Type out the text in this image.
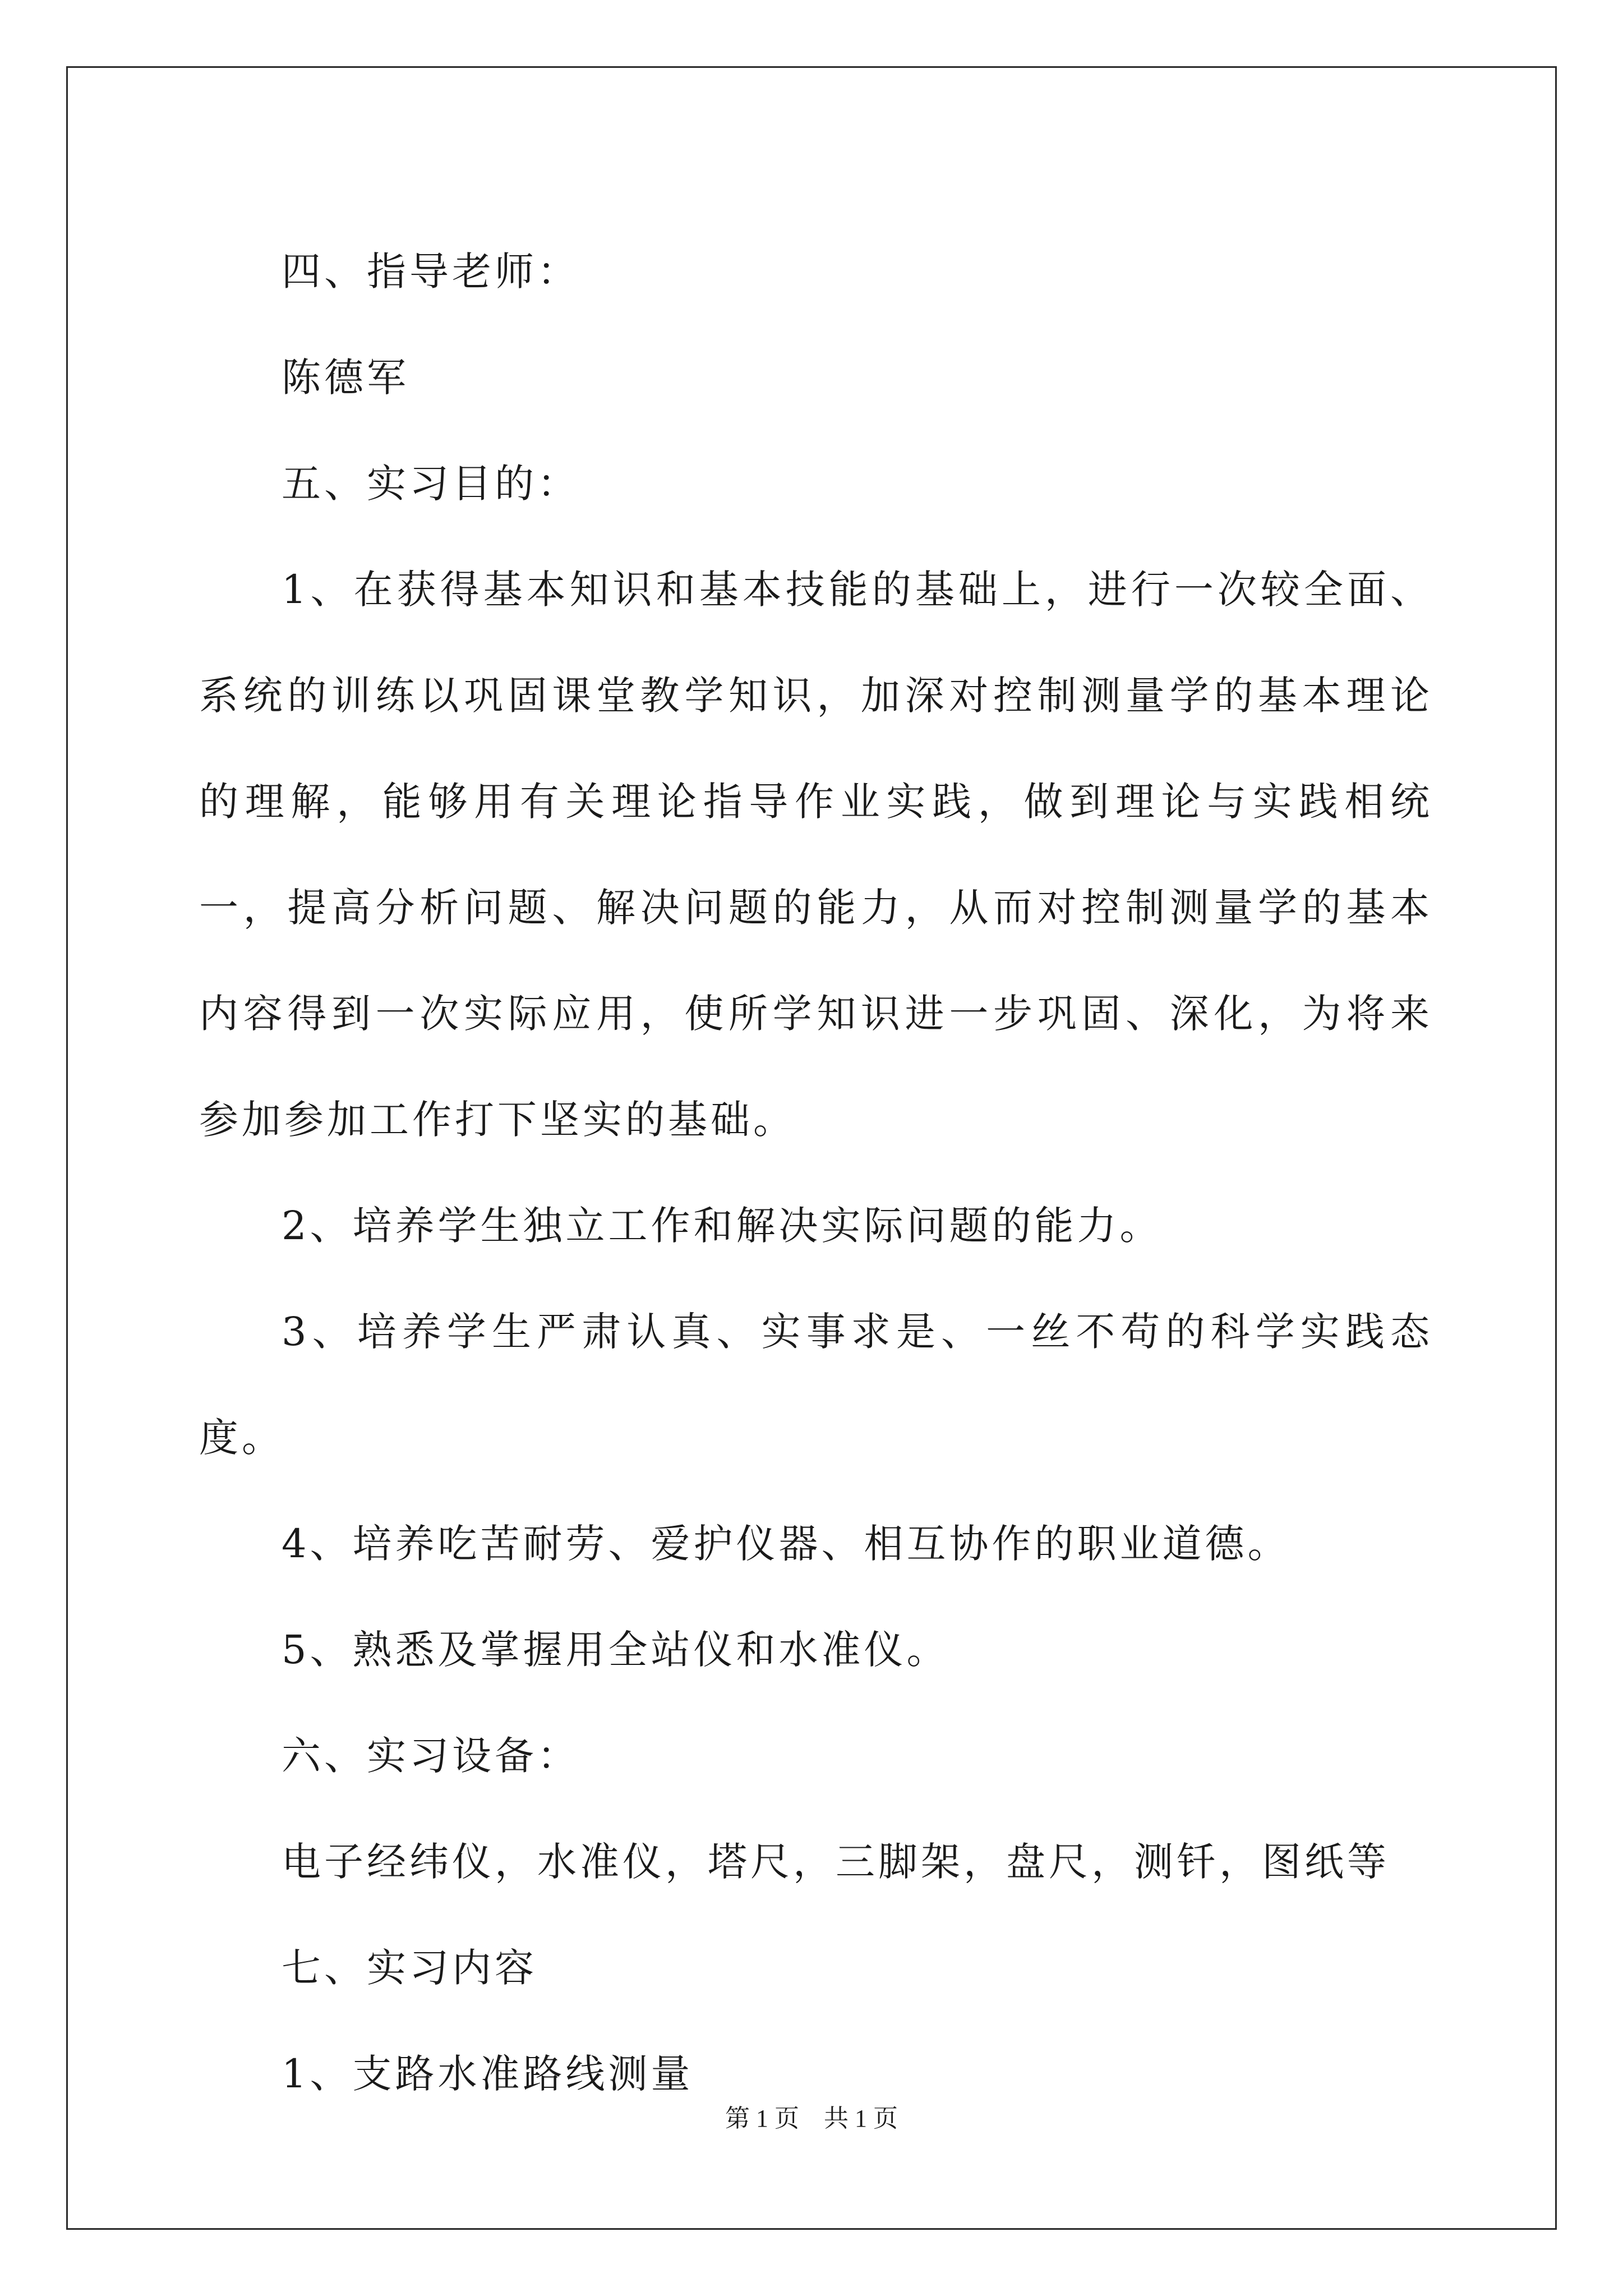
四、指导老师：

陈德军

五、实习目的：

1、在获得基本知识和基本技能的基础上，进行一次较全面、系统的训练以巩固课堂教学知识，加深对控制测量学的基本理论的理解，能够用有关理论指导作业实践，做到理论与实践相统一，提高分析问题、解决问题的能力，从而对控制测量学的基本内容得到一次实际应用，使所学知识进一步巩固、深化，为将来参加参加工作打下坚实的基础。

2、培养学生独立工作和解决实际问题的能力。

3、培养学生严肃认真、实事求是、一丝不苟的科学实践态度。

4、培养吃苦耐劳、爱护仪器、相互协作的职业道德。

5、熟悉及掌握用全站仪和水准仪。

六、实习设备：

电子经纬仪，水准仪，塔尺，三脚架，盘尺，测钎，图纸等

七、实习内容

1、支路水准路线测量

第 1 页　共 1 页
